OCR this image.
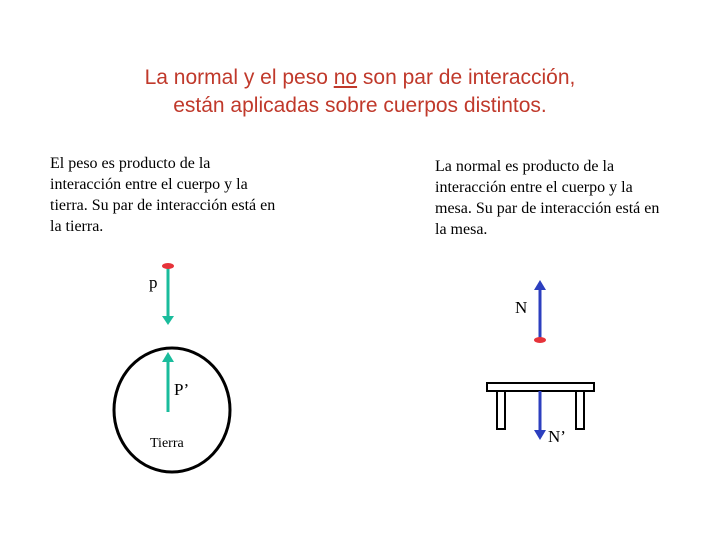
La normal y el peso no son par de interacción,
están aplicadas sobre cuerpos distintos.
El peso es producto de la
interacción entre el cuerpo y la
tierra. Su par de interacción está en
la tierra.
La normal es producto de la
interacción entre el cuerpo y la
mesa. Su par de interacción está en
la mesa.
p
P’
Tierra
N
N’
